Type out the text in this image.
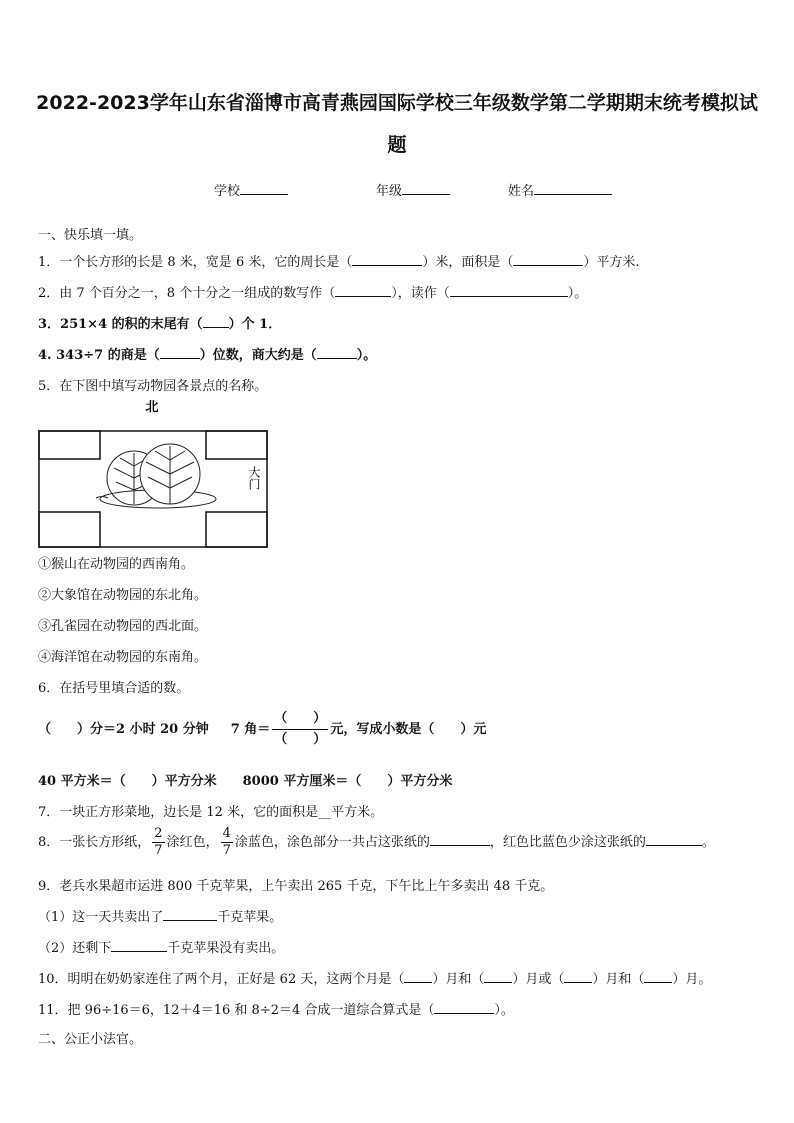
2022-2023学年山东省淄博市高青燕园国际学校三年级数学第二学期期末统考模拟试
题
学校	年级	姓名
一、快乐填一填。
1．一个长方形的长是 8 米，宽是 6 米，它的周长是（	）米，面积是（	）平方米.
2．由 7 个百分之一，8 个十分之一组成的数写作（	），读作（	）。
3．251×4 的积的末尾有（ ）个 1．
4. 343÷7 的商是（	）位数，商大约是（	）。
5．在下图中填写动物园各景点的名称。
北
大门
①猴山在动物园的西南角。
②大象馆在动物园的东北角。
③孔雀园在动物园的西北面。
④海洋馆在动物园的东南角。
6．在括号里填合适的数。
（　　）分＝2 小时 20 分钟 7 角＝ $\frac{( )}{( )}$ 元，写成小数是（　　）元
40 平方米＝（　　）平方分米　　8000 平方厘米＝（　　）平方分米
7．一块正方形菜地，边长是 12 米，它的面积是__平方米。
8．一张长方形纸， $\frac{2}{7}$ 涂红色， $\frac{4}{7}$ 涂蓝色，涂色部分一共占这张纸的	，红色比蓝色少涂这张纸的	。
9．老兵水果超市运进 800 千克苹果，上午卖出 265 千克，下午比上午多卖出 48 千克。
（1）这一天共卖出了	千克苹果。
（2）还剩下	千克苹果没有卖出。
10．明明在奶奶家连住了两个月，正好是 62 天，这两个月是（ ）月和（ ）月或（ ）月和（ ）月。
11．把 96÷16＝6，12＋4＝16 和 8÷2＝4 合成一道综合算式是（	）。
二、公正小法官。
